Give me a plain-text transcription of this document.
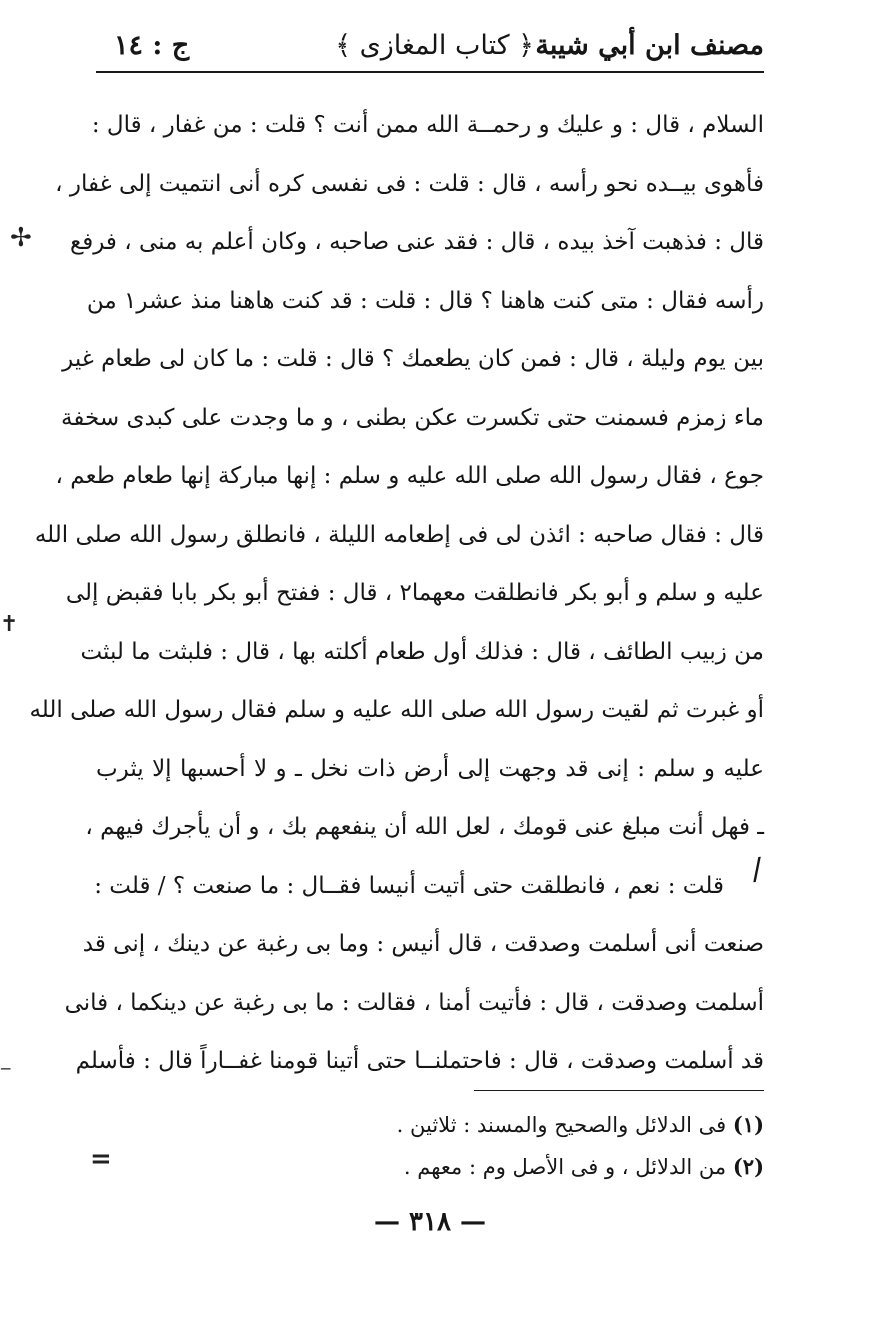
مصنف ابن أبي شيبة
﴿ كتاب المغازى ﴾
ج : ١٤
السلام ، قال : و عليك و رحمــة الله ممن أنت ؟ قلت : من غفار ، قال :
فأهوى بيــده نحو رأسه ، قال : قلت : فى نفسى كره أنى انتميت إلى غفار ،
قال : فذهبت آخذ بيده ، قال : فقد عنى صاحبه ، وكان أعلم به منى ، فرفع
رأسه فقال : متى كنت هاهنا ؟ قال : قلت : قد كنت هاهنا منذ عشر١ من
بين يوم وليلة ، قال : فمن كان يطعمك ؟ قال : قلت : ما كان لى طعام غير
ماء زمزم فسمنت حتى تكسرت عكن بطنى ، و ما وجدت على كبدى سخفة
جوع ، فقال رسول الله صلى الله عليه و سلم : إنها مباركة إنها طعام طعم ،
قال : فقال صاحبه : ائذن لى فى إطعامه الليلة ، فانطلق رسول الله صلى الله
عليه و سلم و أبو بكر فانطلقت معهما٢ ، قال : ففتح أبو بكر بابا فقبض إلى
من زبيب الطائف ، قال : فذلك أول طعام أكلته بها ، قال : فلبثت ما لبثت
أو غبرت ثم لقيت رسول الله صلى الله عليه و سلم فقال رسول الله صلى الله
عليه و سلم : إنى قد وجهت إلى أرض ذات نخل ـ و لا أحسبها إلا يثرب
ـ فهل أنت مبلغ عنى قومك ، لعل الله أن ينفعهم بك ، و أن يأجرك فيهم ،
قلت : نعم ، فانطلقت حتى أتيت أنيسا فقــال : ما صنعت ؟ / قلت :
صنعت أنى أسلمت وصدقت ، قال أنيس : وما بى رغبة عن دينك ، إنى قد
أسلمت وصدقت ، قال : فأتيت أمنا ، فقالت : ما بى رغبة عن دينكما ، فانى
قد أسلمت وصدقت ، قال : فاحتملنــا حتى أتينا قومنا غفــاراً قال : فأسلم
/
(١) فى الدلائل والصحيح والمسند : ثلاثين .
(٢) من الدلائل ، و فى الأصل وم : معهم .
— ٣١٨ —
✢
✝
‒
=
